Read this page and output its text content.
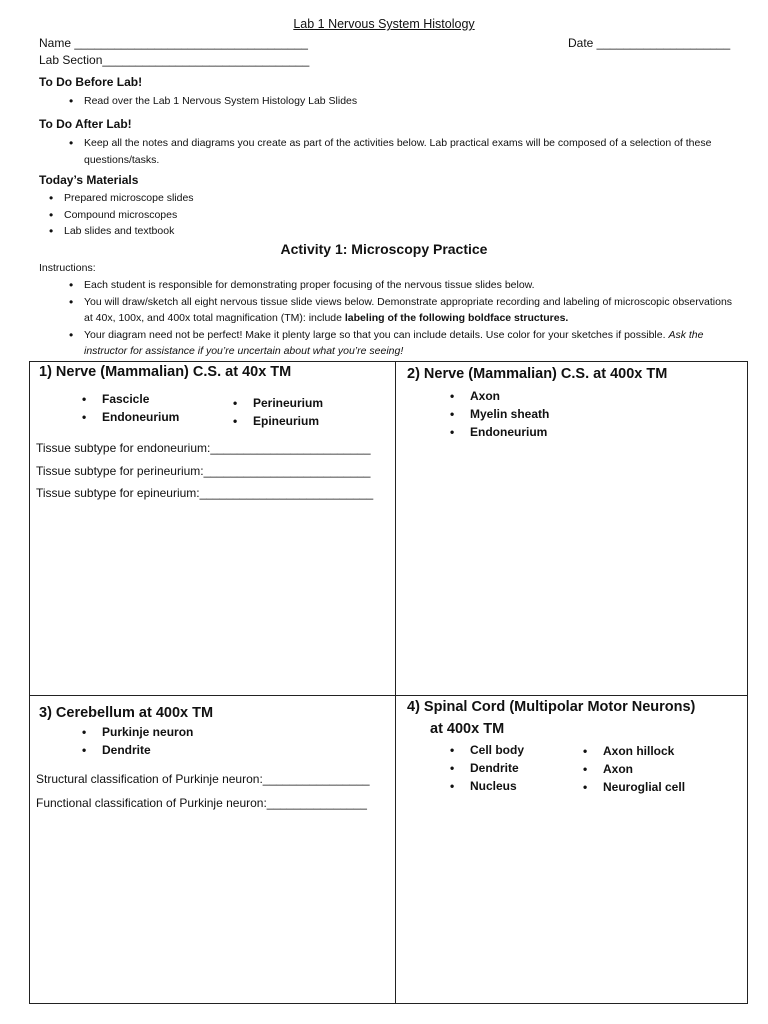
Lab 1 Nervous System Histology
Name ___________________________________	Date ____________________
Lab Section_______________________________
To Do Before Lab!
• Read over the Lab 1 Nervous System Histology Lab Slides
To Do After Lab!
• Keep all the notes and diagrams you create as part of the activities below. Lab practical exams will be composed of a selection of these questions/tasks.
Today’s Materials
• Prepared microscope slides
• Compound microscopes
• Lab slides and textbook
Activity 1: Microscopy Practice
Instructions:
• Each student is responsible for demonstrating proper focusing of the nervous tissue slides below.
• You will draw/sketch all eight nervous tissue slide views below. Demonstrate appropriate recording and labeling of microscopic observations at 40x, 100x, and 400x total magnification (TM): include labeling of the following boldface structures.
• Your diagram need not be perfect! Make it plenty large so that you can include details. Use color for your sketches if possible. Ask the instructor for assistance if you’re uncertain about what you’re seeing!
1) Nerve (Mammalian) C.S. at 40x TM
• Fascicle
• Endoneurium
• Perineurium
• Epineurium
Tissue subtype for endoneurium:________________________
Tissue subtype for perineurium:_________________________
Tissue subtype for epineurium:__________________________
2) Nerve (Mammalian) C.S. at 400x TM
• Axon
• Myelin sheath
• Endoneurium
3) Cerebellum at 400x TM
• Purkinje neuron
• Dendrite
Structural classification of Purkinje neuron:________________
Functional classification of Purkinje neuron:_______________
4) Spinal Cord (Multipolar Motor Neurons)
at 400x TM
• Cell body
• Dendrite
• Nucleus
• Axon hillock
• Axon
• Neuroglial cell
